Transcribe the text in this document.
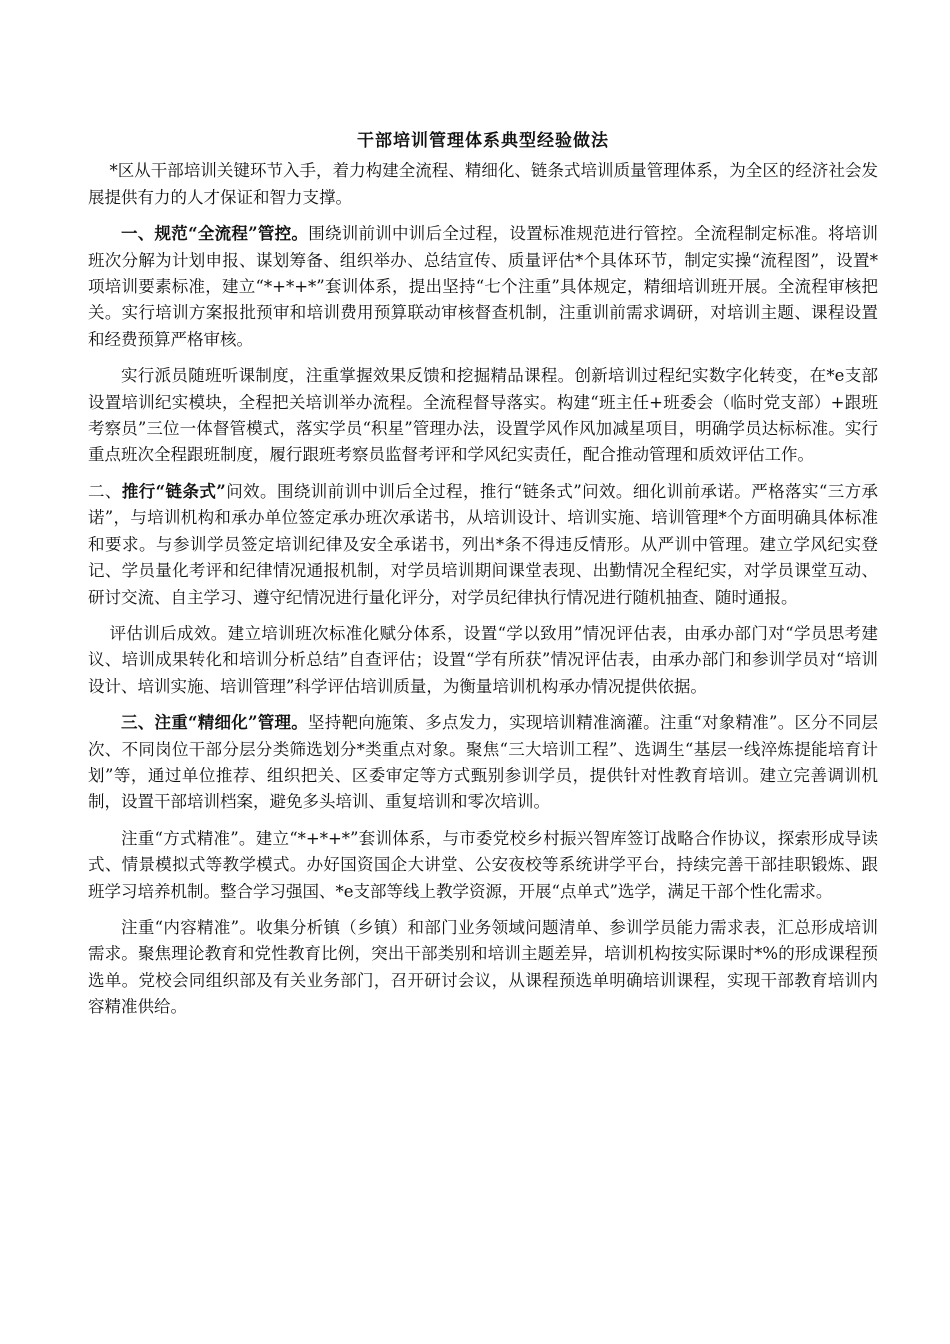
干部培训管理体系典型经验做法

*区从干部培训关键环节入手，着力构建全流程、精细化、链条式培训质量管理体系，为全区的经济社会发展提供有力的人才保证和智力支撑。

一、规范“全流程”管控。围绕训前训中训后全过程，设置标准规范进行管控。全流程制定标准。将培训班次分解为计划申报、谋划筹备、组织举办、总结宣传、质量评估*个具体环节，制定实操“流程图”，设置*项培训要素标准，建立“*+*+*”套训体系，提出坚持“七个注重”具体规定，精细培训班开展。全流程审核把关。实行培训方案报批预审和培训费用预算联动审核督查机制，注重训前需求调研，对培训主题、课程设置和经费预算严格审核。

实行派员随班听课制度，注重掌握效果反馈和挖掘精品课程。创新培训过程纪实数字化转变，在*e支部设置培训纪实模块，全程把关培训举办流程。全流程督导落实。构建“班主任+班委会（临时党支部）+跟班考察员”三位一体督管模式，落实学员“积星”管理办法，设置学风作风加减星项目，明确学员达标标准。实行重点班次全程跟班制度，履行跟班考察员监督考评和学风纪实责任，配合推动管理和质效评估工作。

二、推行“链条式”问效。围绕训前训中训后全过程，推行“链条式”问效。细化训前承诺。严格落实“三方承诺”，与培训机构和承办单位签定承办班次承诺书，从培训设计、培训实施、培训管理*个方面明确具体标准和要求。与参训学员签定培训纪律及安全承诺书，列出*条不得违反情形。从严训中管理。建立学风纪实登记、学员量化考评和纪律情况通报机制，对学员培训期间课堂表现、出勤情况全程纪实，对学员课堂互动、研讨交流、自主学习、遵守纪情况进行量化评分，对学员纪律执行情况进行随机抽查、随时通报。

评估训后成效。建立培训班次标准化赋分体系，设置“学以致用”情况评估表，由承办部门对“学员思考建议、培训成果转化和培训分析总结”自查评估；设置“学有所获”情况评估表，由承办部门和参训学员对“培训设计、培训实施、培训管理”科学评估培训质量，为衡量培训机构承办情况提供依据。

三、注重“精细化”管理。坚持靶向施策、多点发力，实现培训精准滴灌。注重“对象精准”。区分不同层次、不同岗位干部分层分类筛选划分*类重点对象。聚焦“三大培训工程”、选调生“基层一线淬炼提能培育计划”等，通过单位推荐、组织把关、区委审定等方式甄别参训学员，提供针对性教育培训。建立完善调训机制，设置干部培训档案，避免多头培训、重复培训和零次培训。

注重“方式精准”。建立“*+*+*”套训体系，与市委党校乡村振兴智库签订战略合作协议，探索形成导读式、情景模拟式等教学模式。办好国资国企大讲堂、公安夜校等系统讲学平台，持续完善干部挂职锻炼、跟班学习培养机制。整合学习强国、*e支部等线上教学资源，开展“点单式”选学，满足干部个性化需求。

注重“内容精准”。收集分析镇（乡镇）和部门业务领域问题清单、参训学员能力需求表，汇总形成培训需求。聚焦理论教育和党性教育比例，突出干部类别和培训主题差异，培训机构按实际课时*%的形成课程预选单。党校会同组织部及有关业务部门，召开研讨会议，从课程预选单明确培训课程，实现干部教育培训内容精准供给。
